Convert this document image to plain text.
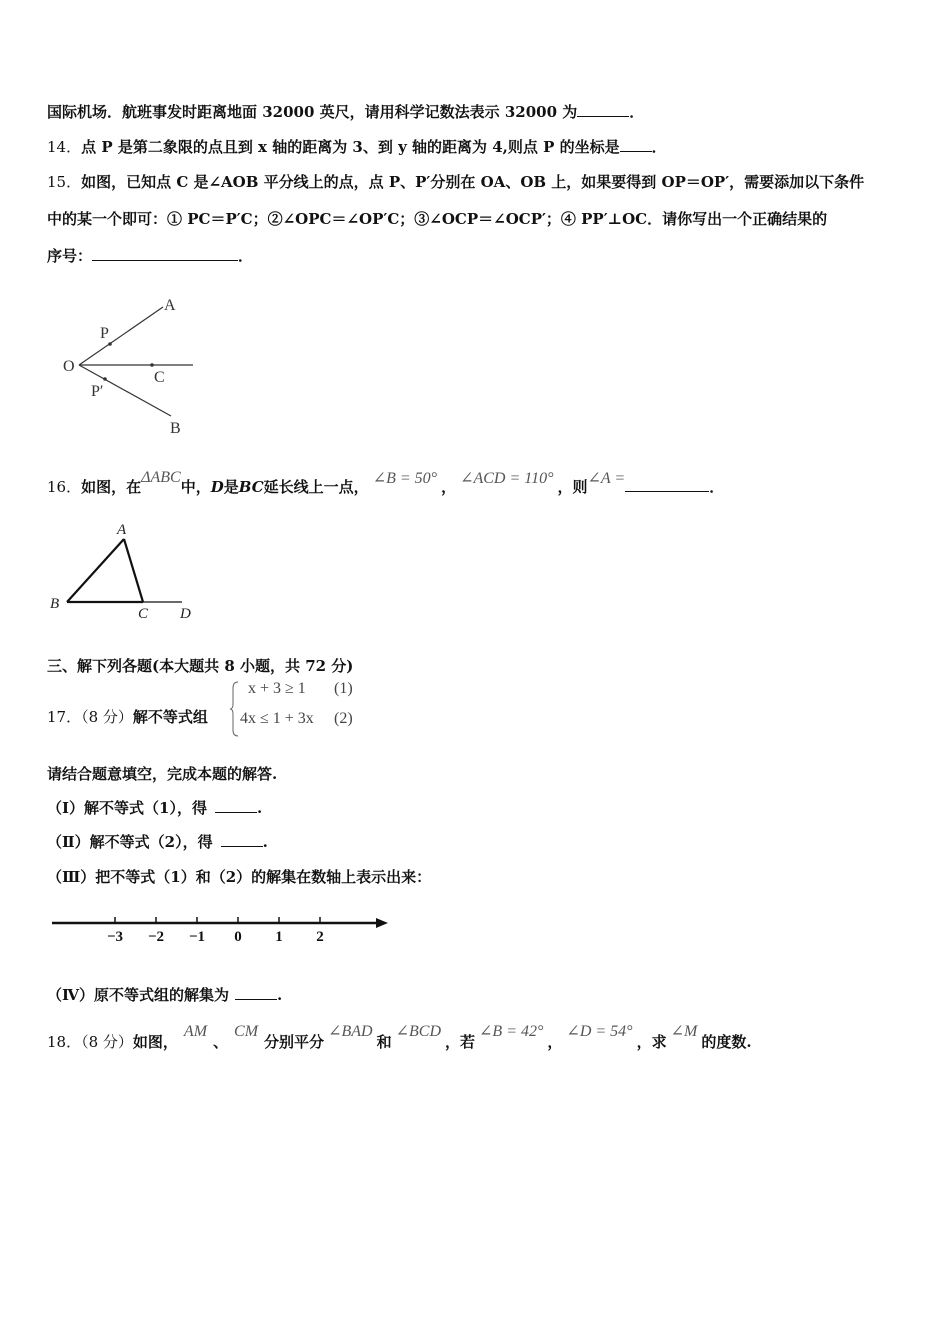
国际机场．航班事发时距离地面 32000 英尺，请用科学记数法表示 32000 为	．
14．点 P 是第二象限的点且到 x 轴的距离为 3、到 y 轴的距离为 4,则点 P 的坐标是 ．
15．如图，已知点 C 是∠AOB 平分线上的点，点 P、P′分别在 OA、OB 上，如果要得到 OP＝OP′，需要添加以下条件
中的某一个即可：① PC＝P′C；②∠OPC＝∠OP′C；③∠OCP＝∠OCP′；④ PP′⊥OC．请你写出一个正确结果的
序号：	．
O
A
P
C
P′
B
16．如图，在ΔABC中，D是BC延长线上一点， ∠B = 50° ， ∠ACD = 110° ，则∠A =	．
A
B
C D
三、解下列各题(本大题共 8 小题，共 72 分)
17．（8 分）解不等式组
x + 3 ≥ 1 (1)
4x ≤ 1 + 3x (2)
请结合题意填空，完成本题的解答.
（Ⅰ）解不等式（1），得	.
（Ⅱ）解不等式（2），得	.
（Ⅲ）把不等式（1）和（2）的解集在数轴上表示出来：
−3 −2 −1 0 1 2
（Ⅳ）原不等式组的解集为	.
18．（8 分）如图，AM、CM分别平分∠BAD和∠BCD，若∠B = 42°，∠D = 54°，求∠M的度数.
